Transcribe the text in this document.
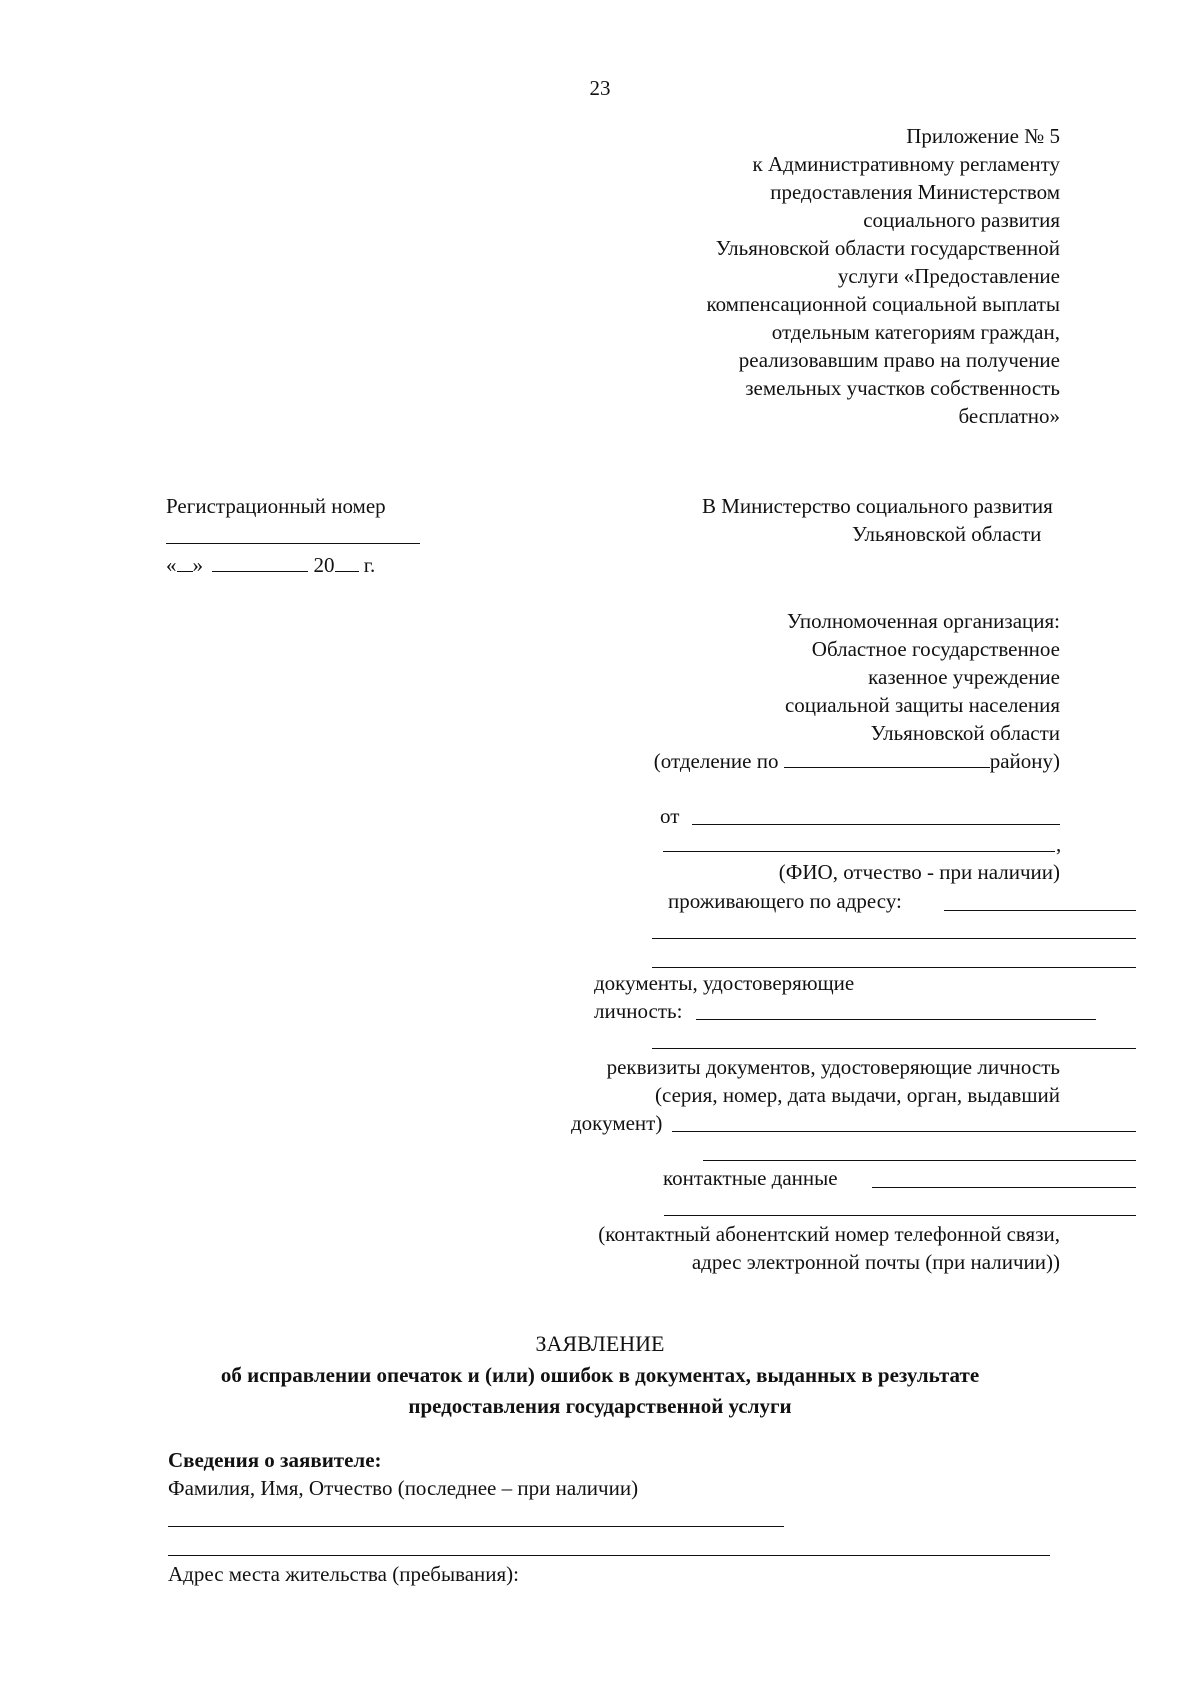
23
Приложение № 5
к Административному регламенту
предоставления Министерством
социального развития
Ульяновской области государственной
услуги «Предоставление
компенсационной социальной выплаты
отдельным категориям граждан,
реализовавшим право на получение
земельных участков собственность
бесплатно»
Регистрационный номер
« »	20 г.
В Министерство социального развития
Ульяновской области
Уполномоченная организация:
Областное государственное
казенное учреждение
социальной защиты населения
Ульяновской области
(отделение по	району)
от
,
(ФИО, отчество - при наличии)
проживающего по адресу:
документы, удостоверяющие
личность:
реквизиты документов, удостоверяющие личность
(серия, номер, дата выдачи, орган, выдавший
документ)
контактные данные
(контактный абонентский номер телефонной связи,
адрес электронной почты (при наличии))
ЗАЯВЛЕНИЕ
об исправлении опечаток и (или) ошибок в документах, выданных в результате
предоставления государственной услуги
Сведения о заявителе:
Фамилия, Имя, Отчество (последнее – при наличии)
Адрес места жительства (пребывания):
